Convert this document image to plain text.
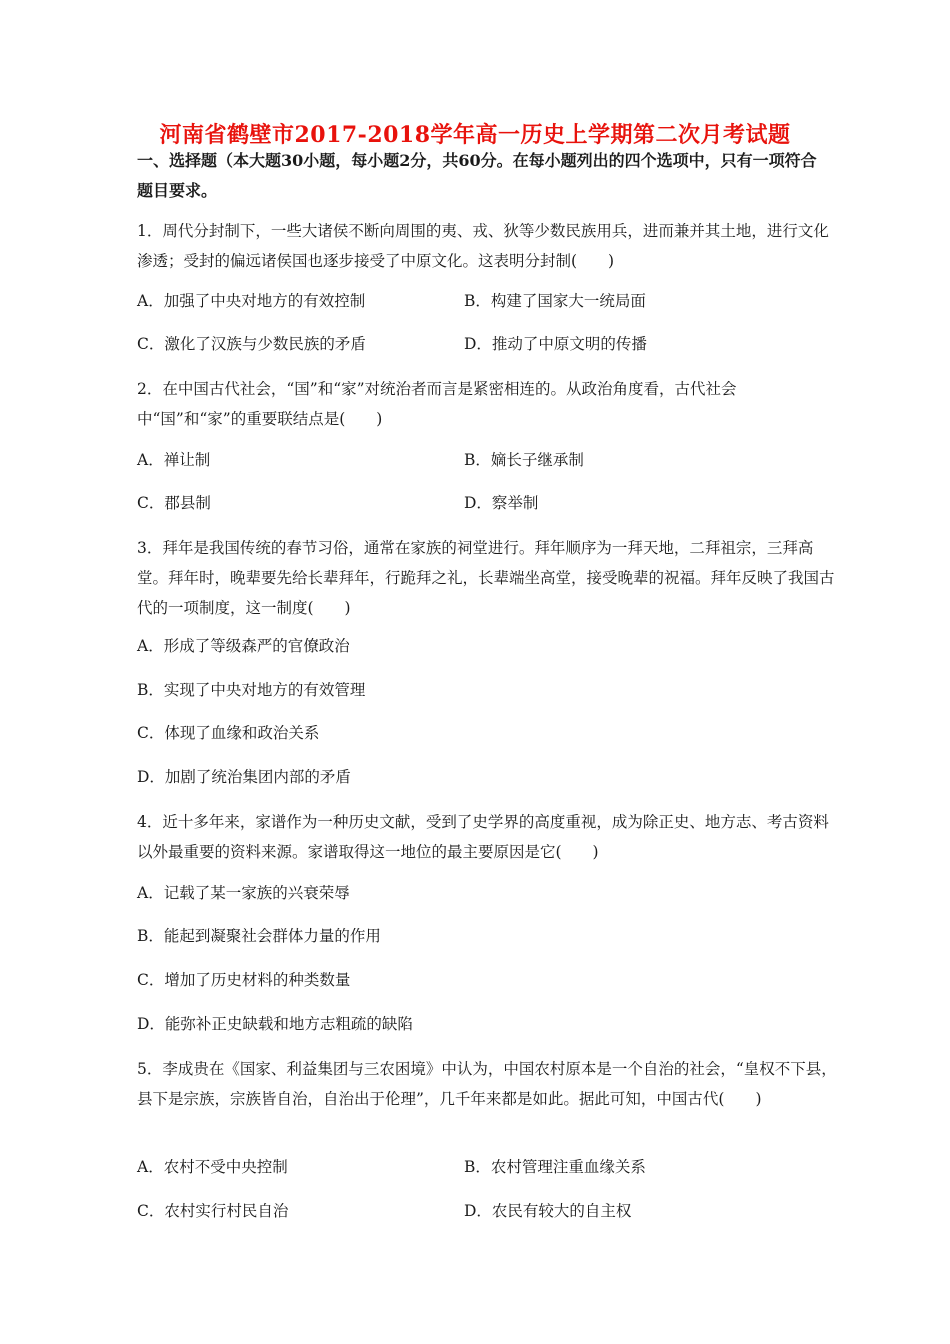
河南省鹤壁市2017-2018学年高一历史上学期第二次月考试题
一、选择题（本大题30小题，每小题2分，共60分。在每小题列出的四个选项中，只有一项符合题目要求。
1．周代分封制下，一些大诸侯不断向周围的夷、戎、狄等少数民族用兵，进而兼并其土地，进行文化渗透；受封的偏远诸侯国也逐步接受了中原文化。这表明分封制(　　)
A．加强了中央对地方的有效控制	B．构建了国家大一统局面
C．激化了汉族与少数民族的矛盾	D．推动了中原文明的传播
2．在中国古代社会，“国”和“家”对统治者而言是紧密相连的。从政治角度看，古代社会中“国”和“家”的重要联结点是(　　)
A．禅让制	B．嫡长子继承制
C．郡县制	D．察举制
3．拜年是我国传统的春节习俗，通常在家族的祠堂进行。拜年顺序为一拜天地，二拜祖宗，三拜高堂。拜年时，晚辈要先给长辈拜年，行跪拜之礼，长辈端坐高堂，接受晚辈的祝福。拜年反映了我国古代的一项制度，这一制度(　　)
A．形成了等级森严的官僚政治
B．实现了中央对地方的有效管理
C．体现了血缘和政治关系
D．加剧了统治集团内部的矛盾
4．近十多年来，家谱作为一种历史文献，受到了史学界的高度重视，成为除正史、地方志、考古资料以外最重要的资料来源。家谱取得这一地位的最主要原因是它(　　)
A．记载了某一家族的兴衰荣辱
B．能起到凝聚社会群体力量的作用
C．增加了历史材料的种类数量
D．能弥补正史缺载和地方志粗疏的缺陷
5．李成贵在《国家、利益集团与三农困境》中认为，中国农村原本是一个自治的社会，“皇权不下县，县下是宗族，宗族皆自治，自治出于伦理”，几千年来都是如此。据此可知，中国古代(　　)
A．农村不受中央控制	B．农村管理注重血缘关系
C．农村实行村民自治	D．农民有较大的自主权
